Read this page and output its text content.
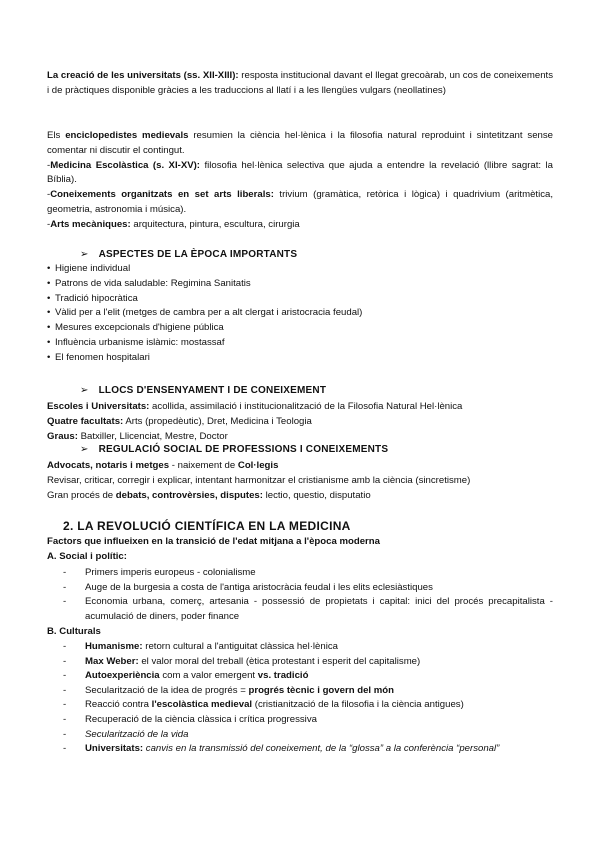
La creació de les universitats (ss. XII-XIII): resposta institucional davant el llegat grecoàrab, un cos de coneixements i de pràctiques disponible gràcies a les traduccions al llatí i a les llengües vulgars (neollatines)

Els enciclopedistes medievals resumien la ciència hel·lènica i la filosofia natural reproduint i sintetitzant sense comentar ni discutir el contingut.

-Medicina Escolàstica (s. XI-XV): filosofia hel·lènica selectiva que ajuda a entendre la revelació (llibre sagrat: la Bíblia).

-Coneixements organitzats en set arts liberals: trivium (gramàtica, retòrica i lògica) i quadrivium (aritmètica, geometria, astronomia i música).

-Arts mecàniques: arquitectura, pintura, escultura, cirurgia

➢ ASPECTES DE LA ÈPOCA IMPORTANTS
• Higiene individual
• Patrons de vida saludable: Regimina Sanitatis
• Tradició hipocràtica
• Vàlid per a l'elit (metges de cambra per a alt clergat i aristocracia feudal)
• Mesures excepcionals d'higiene pública
• Influència urbanisme islàmic: mostassaf
• El fenomen hospitalari
➢ LLOCS D'ENSENYAMENT I DE CONEIXEMENT

Escoles i Universitats: acollida, assimilació i institucionalització de la Filosofia Natural Hel·lènica

Quatre facultats: Arts (propedèutic), Dret, Medicina i Teologia

Graus: Batxiller, Llicenciat, Mestre, Doctor

➢ REGULACIÓ SOCIAL DE PROFESSIONS I CONEIXEMENTS

Advocats, notaris i metges - naixement de Col·legis

Revisar, criticar, corregir i explicar, intentant harmonitzar el cristianisme amb la ciència (sincretisme)

Gran procés de debats, controvèrsies, disputes: lectio, questio, disputatio

2. LA REVOLUCIÓ CIENTÍFICA EN LA MEDICINA

Factors que influeixen en la transició de l'edat mitjana a l'època moderna

A. Social i polític:

-	Primers imperis europeus - colonialisme
-	Auge de la burgesia a costa de l'antiga aristocràcia feudal i les elits eclesiàstiques
-	Economia urbana, comerç, artesania - possessió de propietats i capital: inici del procés precapitalista - acumulació de diners, poder finance

B. Culturals

-	Humanisme: retorn cultural a l'antiguitat clàssica hel·lènica
-	Max Weber: el valor moral del treball (ètica protestant i esperit del capitalisme)
-	Autoexperiència com a valor emergent vs. tradició
-	Secularització de la idea de progrés = progrés tècnic i govern del món
-	Reacció contra l'escolàstica medieval (cristianització de la filosofia i la ciència antigues)
-	Recuperació de la ciència clàssica i crítica progressiva
-	Secularització de la vida
-	Universitats: canvis en la transmissió del coneixement, de la “glossa” a la conferència “personal”
